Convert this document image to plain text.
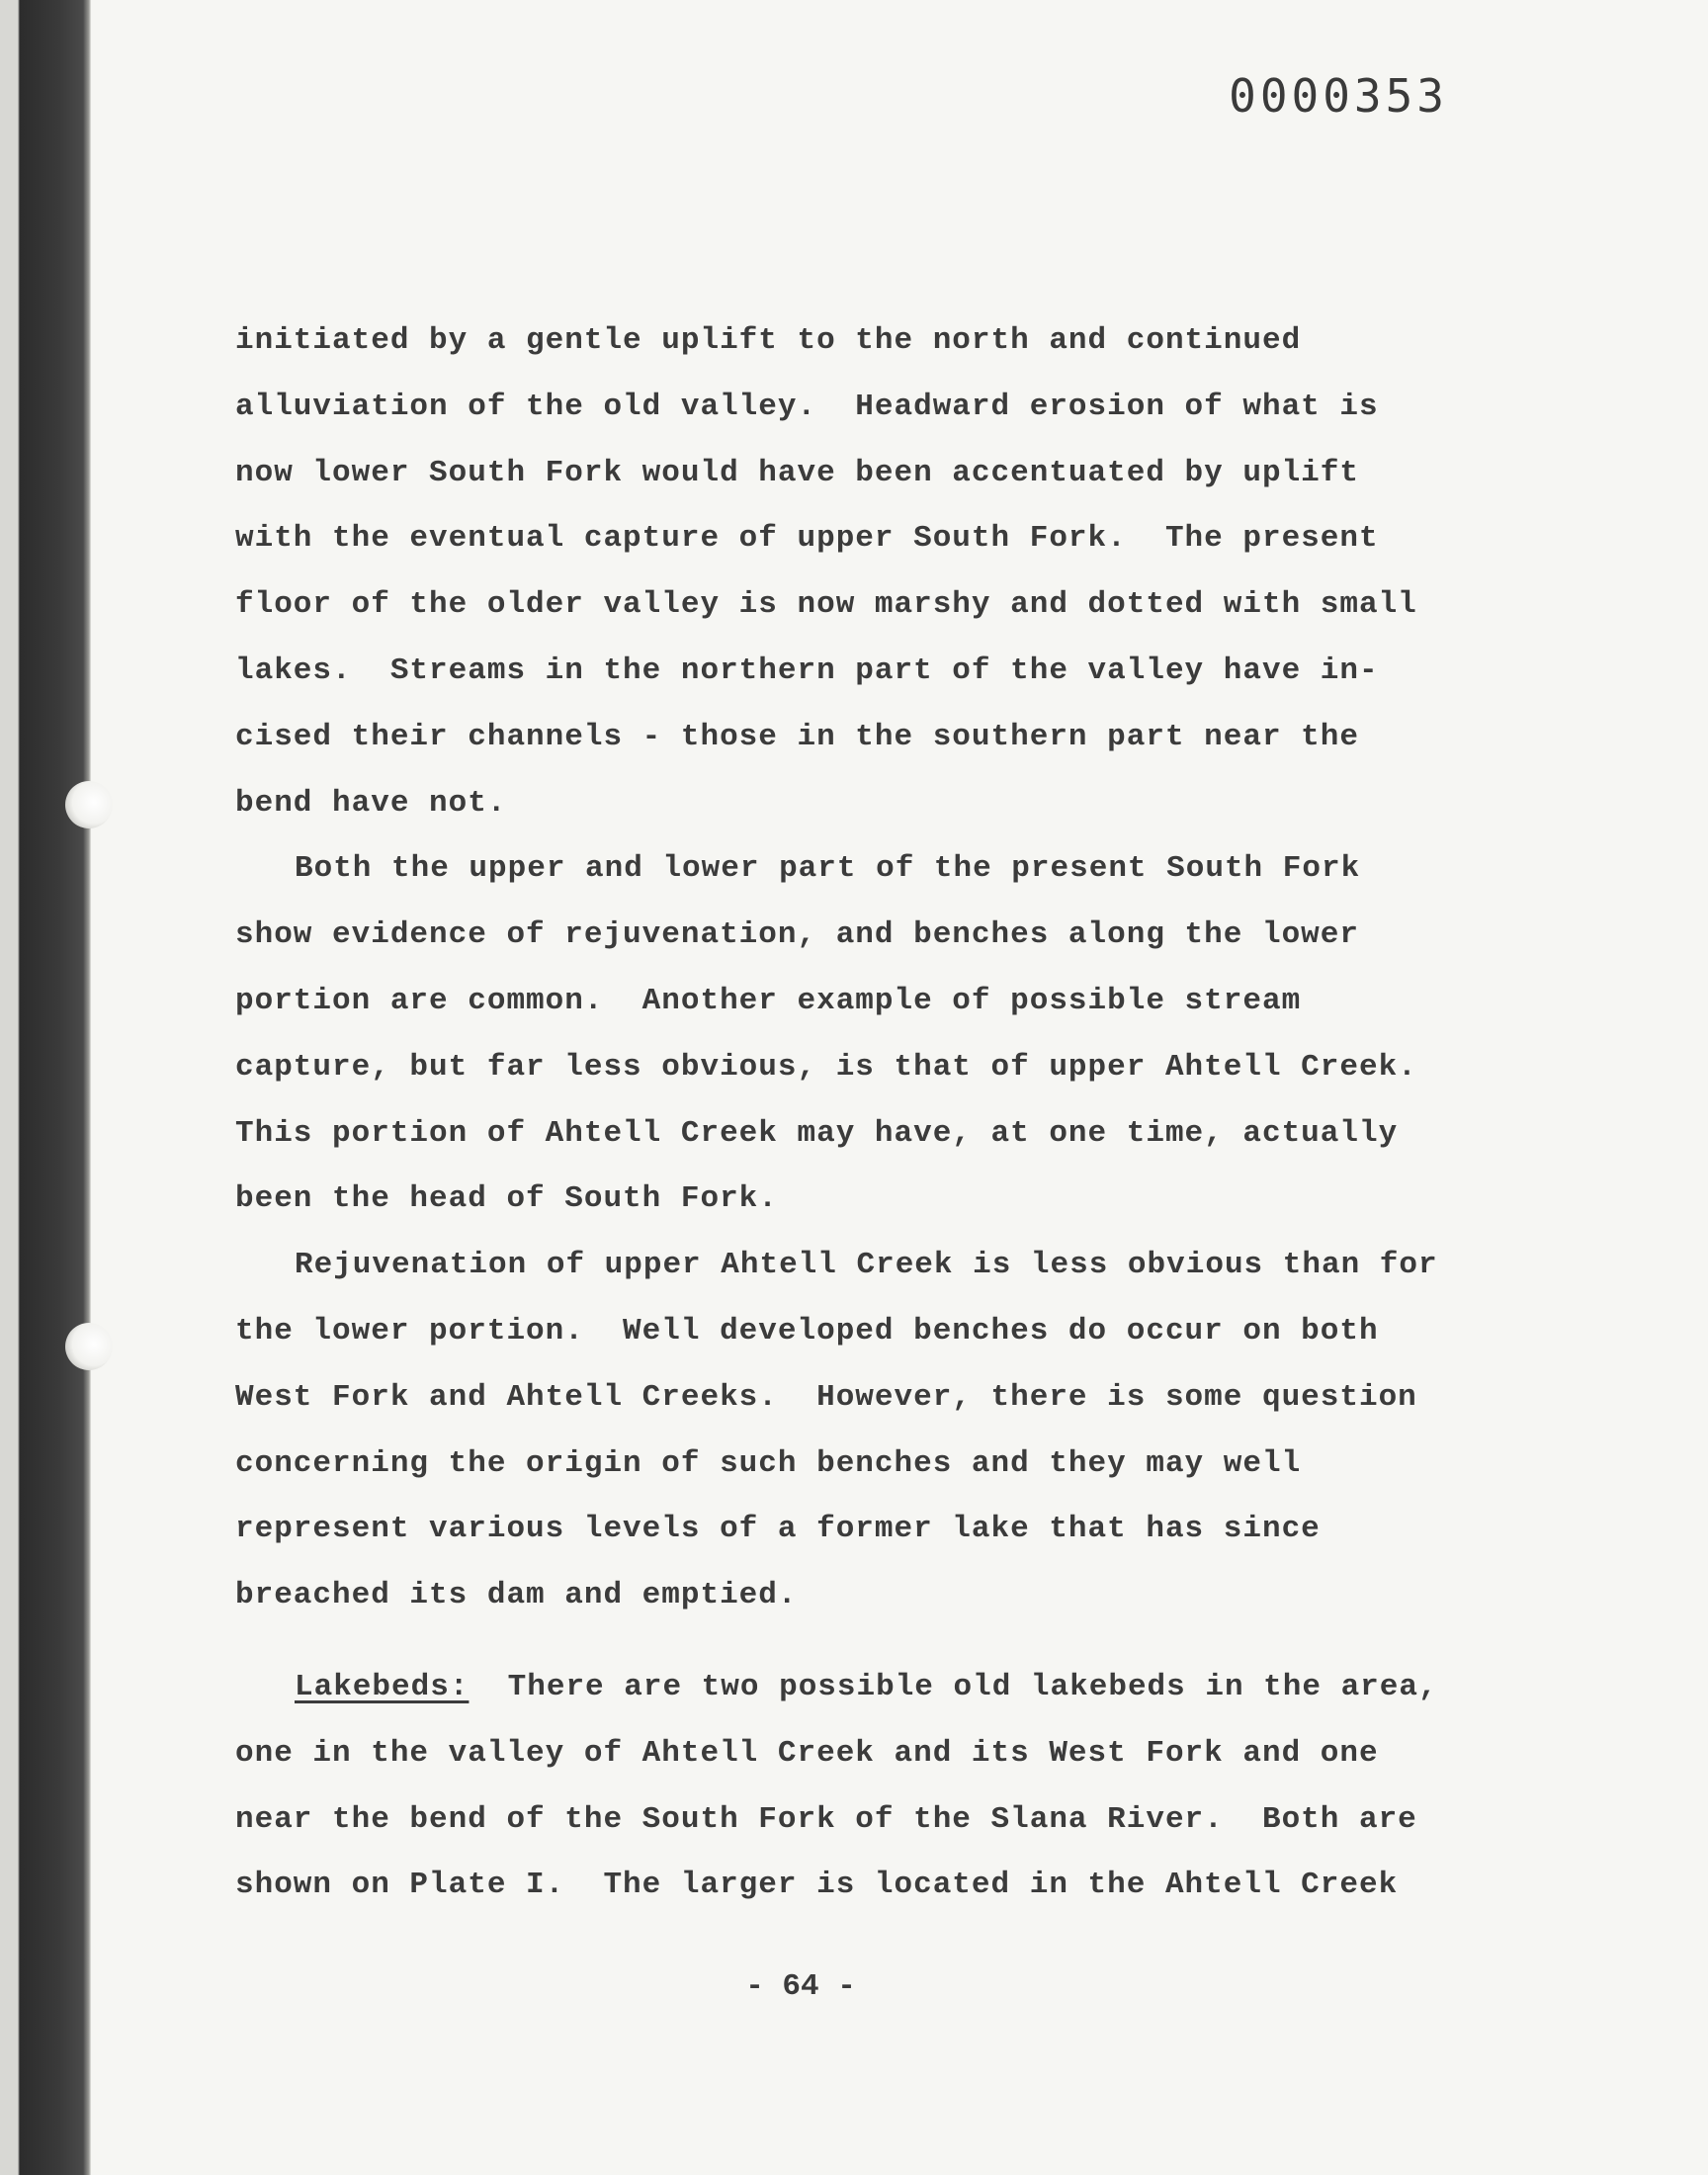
0000353
initiated by a gentle uplift to the north and continued
alluviation of the old valley.  Headward erosion of what is
now lower South Fork would have been accentuated by uplift
with the eventual capture of upper South Fork.  The present
floor of the older valley is now marshy and dotted with small
lakes.  Streams in the northern part of the valley have in-
cised their channels - those in the southern part near the
bend have not.
Both the upper and lower part of the present South Fork
show evidence of rejuvenation, and benches along the lower
portion are common.  Another example of possible stream
capture, but far less obvious, is that of upper Ahtell Creek.
This portion of Ahtell Creek may have, at one time, actually
been the head of South Fork.
Rejuvenation of upper Ahtell Creek is less obvious than for
the lower portion.  Well developed benches do occur on both
West Fork and Ahtell Creeks.  However, there is some question
concerning the origin of such benches and they may well
represent various levels of a former lake that has since
breached its dam and emptied.
Lakebeds:  There are two possible old lakebeds in the area,
one in the valley of Ahtell Creek and its West Fork and one
near the bend of the South Fork of the Slana River.  Both are
shown on Plate I.  The larger is located in the Ahtell Creek
- 64 -
